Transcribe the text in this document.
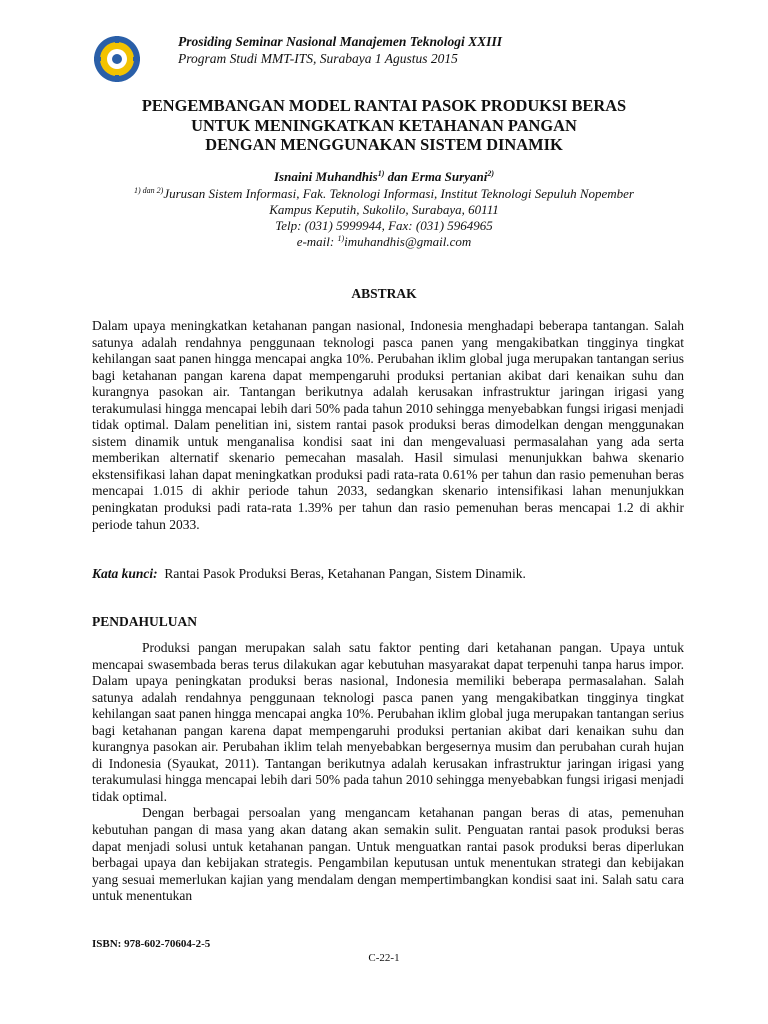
Prosiding Seminar Nasional Manajemen Teknologi XXIII
Program Studi MMT-ITS, Surabaya 1 Agustus 2015
PENGEMBANGAN MODEL RANTAI PASOK PRODUKSI BERAS
UNTUK MENINGKATKAN KETAHANAN PANGAN
DENGAN MENGGUNAKAN SISTEM DINAMIK
Isnaini Muhandhis$^{1)}$ dan Erma Suryani$^{2)}$
$^{1) dan 2)}$Jurusan Sistem Informasi, Fak. Teknologi Informasi, Institut Teknologi Sepuluh Nopember
Kampus Keputih, Sukolilo, Surabaya, 60111
Telp: (031) 5999944, Fax: (031) 5964965
e-mail: $^{1)}$imuhandhis@gmail.com
ABSTRAK

Dalam upaya meningkatkan ketahanan pangan nasional, Indonesia menghadapi beberapa tantangan. Salah satunya adalah rendahnya penggunaan teknologi pasca panen yang mengakibatkan tingginya tingkat kehilangan saat panen hingga mencapai angka 10%. Perubahan iklim global juga merupakan tantangan serius bagi ketahanan pangan karena dapat mempengaruhi produksi pertanian akibat dari kenaikan suhu dan kurangnya pasokan air. Tantangan berikutnya adalah kerusakan infrastruktur jaringan irigasi yang terakumulasi hingga mencapai lebih dari 50% pada tahun 2010 sehingga menyebabkan fungsi irigasi menjadi tidak optimal. Dalam penelitian ini, sistem rantai pasok produksi beras dimodelkan dengan menggunakan sistem dinamik untuk menganalisa kondisi saat ini dan mengevaluasi permasalahan yang ada serta memberikan alternatif skenario pemecahan masalah. Hasil simulasi menunjukkan bahwa skenario ekstensifikasi lahan dapat meningkatkan produksi padi rata-rata 0.61% per tahun dan rasio pemenuhan beras mencapai 1.015 di akhir periode tahun 2033, sedangkan skenario intensifikasi lahan menunjukkan peningkatan produksi padi rata-rata 1.39% per tahun dan rasio pemenuhan beras mencapai 1.2 di akhir periode tahun 2033.

Kata kunci: Rantai Pasok Produksi Beras, Ketahanan Pangan, Sistem Dinamik.
PENDAHULUAN

Produksi pangan merupakan salah satu faktor penting dari ketahanan pangan. Upaya untuk mencapai swasembada beras terus dilakukan agar kebutuhan masyarakat dapat terpenuhi tanpa harus impor. Dalam upaya peningkatan produksi beras nasional, Indonesia memiliki beberapa permasalahan. Salah satunya adalah rendahnya penggunaan teknologi pasca panen yang mengakibatkan tingginya tingkat kehilangan saat panen hingga mencapai angka 10%. Perubahan iklim global juga merupakan tantangan serius bagi ketahanan pangan karena dapat mempengaruhi produksi pertanian akibat dari kenaikan suhu dan kurangnya pasokan air. Perubahan iklim telah menyebabkan bergesernya musim dan perubahan curah hujan di Indonesia (Syaukat, 2011). Tantangan berikutnya adalah kerusakan infrastruktur jaringan irigasi yang terakumulasi hingga mencapai lebih dari 50% pada tahun 2010 sehingga menyebabkan fungsi irigasi menjadi tidak optimal.

Dengan berbagai persoalan yang mengancam ketahanan pangan beras di atas, pemenuhan kebutuhan pangan di masa yang akan datang akan semakin sulit. Penguatan rantai pasok produksi beras dapat menjadi solusi untuk ketahanan pangan. Untuk menguatkan rantai pasok produksi beras diperlukan berbagai upaya dan kebijakan strategis. Pengambilan keputusan untuk menentukan strategi dan kebijakan yang sesuai memerlukan kajian yang mendalam dengan mempertimbangkan kondisi saat ini. Salah satu cara untuk menentukan

ISBN: 978-602-70604-2-5
C-22-1
